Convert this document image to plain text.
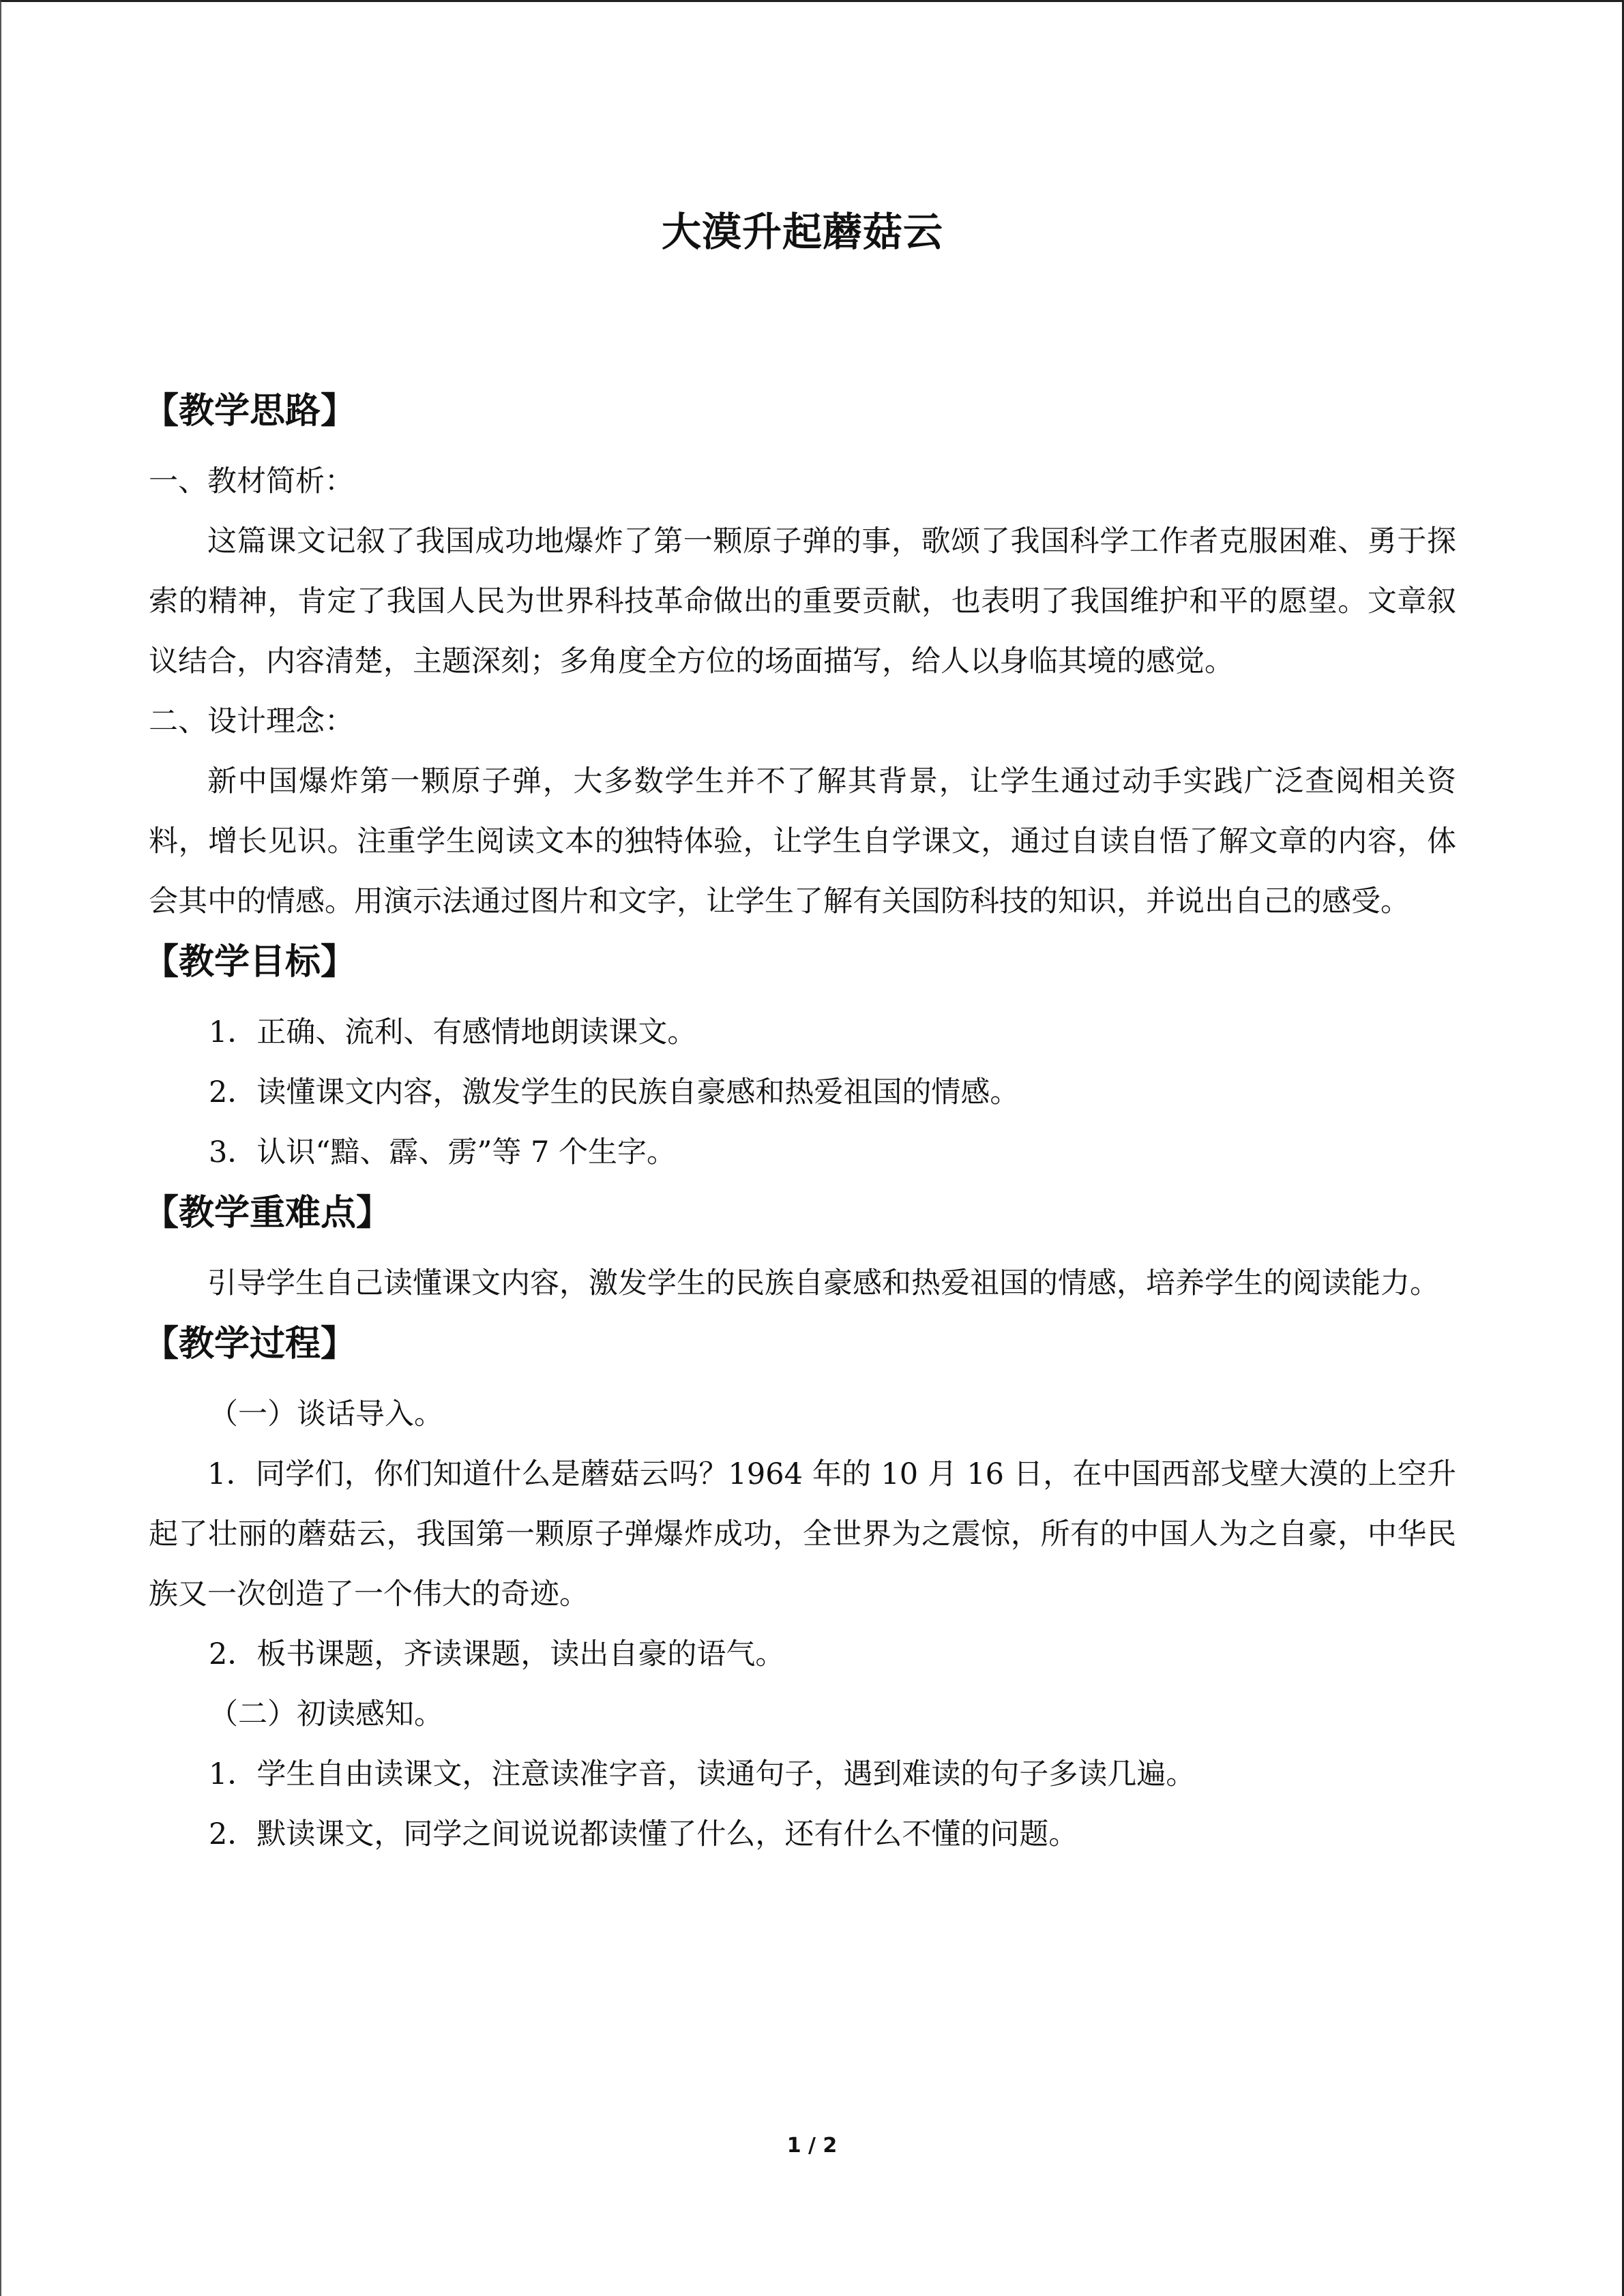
大漠升起蘑菇云
【教学思路】

一、教材简析：

这篇课文记叙了我国成功地爆炸了第一颗原子弹的事，歌颂了我国科学工作者克服困难、勇于探索的精神，肯定了我国人民为世界科技革命做出的重要贡献，也表明了我国维护和平的愿望。文章叙议结合，内容清楚，主题深刻；多角度全方位的场面描写，给人以身临其境的感觉。

二、设计理念：

新中国爆炸第一颗原子弹，大多数学生并不了解其背景，让学生通过动手实践广泛查阅相关资料，增长见识。注重学生阅读文本的独特体验，让学生自学课文，通过自读自悟了解文章的内容，体会其中的情感。用演示法通过图片和文字，让学生了解有关国防科技的知识，并说出自己的感受。

【教学目标】

1．正确、流利、有感情地朗读课文。

2．读懂课文内容，激发学生的民族自豪感和热爱祖国的情感。

3．认识“黯、霹、雳”等 7 个生字。

【教学重难点】

引导学生自己读懂课文内容，激发学生的民族自豪感和热爱祖国的情感，培养学生的阅读能力。

【教学过程】

（一）谈话导入。

1．同学们，你们知道什么是蘑菇云吗？1964 年的 10 月 16 日，在中国西部戈壁大漠的上空升起了壮丽的蘑菇云，我国第一颗原子弹爆炸成功，全世界为之震惊，所有的中国人为之自豪，中华民族又一次创造了一个伟大的奇迹。

2．板书课题，齐读课题，读出自豪的语气。

（二）初读感知。

1．学生自由读课文，注意读准字音，读通句子，遇到难读的句子多读几遍。

2．默读课文，同学之间说说都读懂了什么，还有什么不懂的问题。

1 / 2
